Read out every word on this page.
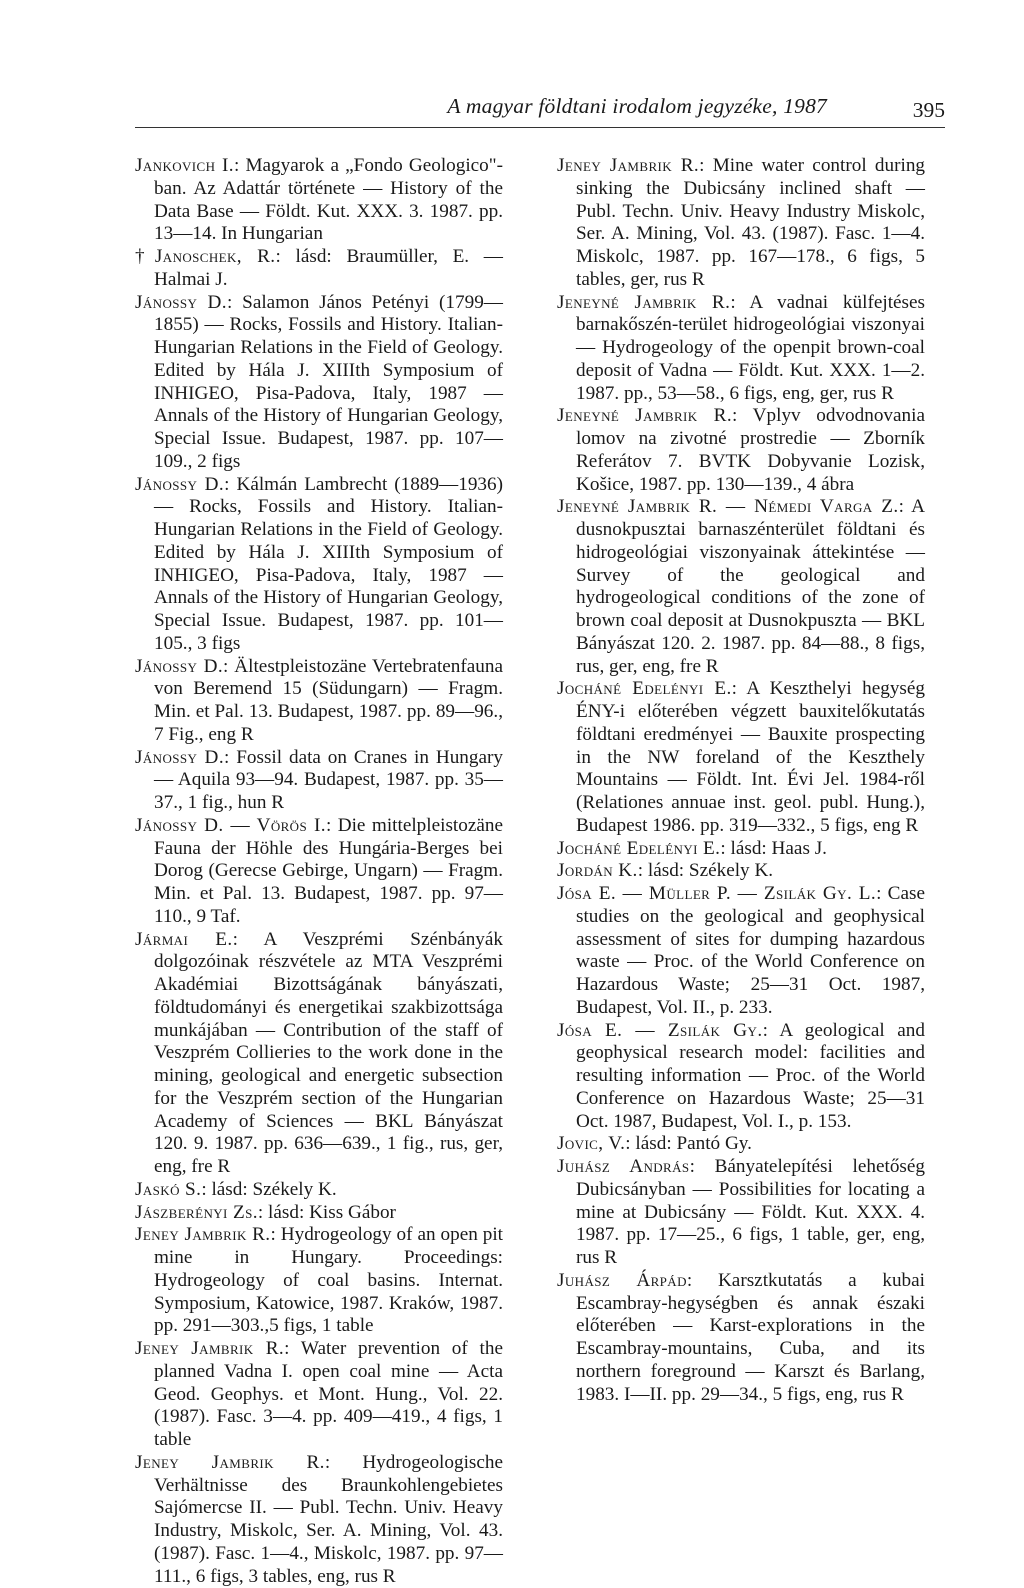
A magyar földtani irodalom jegyzéke, 1987	395

Jankovich I.: Magyarok a „Fondo Geologico"-ban. Az Adattár története — History of the Data Base — Földt. Kut. XXX. 3. 1987. pp. 13—14. In Hungarian

†Janoschek, R.: lásd: Braumüller, E. — Halmai J.

Jánossy D.: Salamon János Petényi (1799—1855) — Rocks, Fossils and History. Italian-Hungarian Relations in the Field of Geology. Edited by Hála J. XIIIth Symposium of INHIGEO, Pisa-Padova, Italy, 1987 — Annals of the History of Hungarian Geology, Special Issue. Budapest, 1987. pp. 107—109., 2 figs

Jánossy D.: Kálmán Lambrecht (1889—1936) — Rocks, Fossils and History. Italian-Hungarian Relations in the Field of Geology. Edited by Hála J. XIIIth Symposium of INHIGEO, Pisa-Padova, Italy, 1987 — Annals of the History of Hungarian Geology, Special Issue. Budapest, 1987. pp. 101—105., 3 figs

Jánossy D.: Ältestpleistozäne Vertebratenfauna von Beremend 15 (Südungarn) — Fragm. Min. et Pal. 13. Budapest, 1987. pp. 89—96., 7 Fig., eng R

Jánossy D.: Fossil data on Cranes in Hungary — Aquila 93—94. Budapest, 1987. pp. 35—37., 1 fig., hun R

Jánossy D. — Vörös I.: Die mittelpleistozäne Fauna der Höhle des Hungária-Berges bei Dorog (Gerecse Gebirge, Ungarn) — Fragm. Min. et Pal. 13. Budapest, 1987. pp. 97—110., 9 Taf.

Jármai E.: A Veszprémi Szénbányák dolgozóinak részvétele az MTA Veszprémi Akadémiai Bizottságának bányászati, földtudományi és energetikai szakbizottsága munkájában — Contribution of the staff of Veszprém Collieries to the work done in the mining, geological and energetic subsection for the Veszprém section of the Hungarian Academy of Sciences — BKL Bányászat 120. 9. 1987. pp. 636—639., 1 fig., rus, ger, eng, fre R

Jaskó S.: lásd: Székely K.

Jászberényi Zs.: lásd: Kiss Gábor

Jeney Jambrik R.: Hydrogeology of an open pit mine in Hungary. Proceedings: Hydrogeology of coal basins. Internat. Symposium, Katowice, 1987. Kraków, 1987. pp. 291—303.,5 figs, 1 table

Jeney Jambrik R.: Water prevention of the planned Vadna I. open coal mine — Acta Geod. Geophys. et Mont. Hung., Vol. 22. (1987). Fasc. 3—4. pp. 409—419., 4 figs, 1 table

Jeney Jambrik R.: Hydrogeologische Verhältnisse des Braunkohlengebietes Sajómercse II. — Publ. Techn. Univ. Heavy Industry, Miskolc, Ser. A. Mining, Vol. 43. (1987). Fasc. 1—4., Miskolc, 1987. pp. 97—111., 6 figs, 3 tables, eng, rus R

Jeney Jambrik R.: Mine water control during sinking the Dubicsány inclined shaft — Publ. Techn. Univ. Heavy Industry Miskolc, Ser. A. Mining, Vol. 43. (1987). Fasc. 1—4. Miskolc, 1987. pp. 167—178., 6 figs, 5 tables, ger, rus R

Jeneyné Jambrik R.: A vadnai külfejtéses barnakőszén-terület hidrogeológiai viszonyai — Hydrogeology of the openpit brown-coal deposit of Vadna — Földt. Kut. XXX. 1—2. 1987. pp., 53—58., 6 figs, eng, ger, rus R

Jeneyné Jambrik R.: Vplyv odvodnovania lomov na zivotné prostredie — Zborník Referátov 7. BVTK Dobyvanie Lozisk, Košice, 1987. pp. 130—139., 4 ábra

Jeneyné Jambrik R. — Némedi Varga Z.: A dusnokpusztai barnaszénterület földtani és hidrogeológiai viszonyainak áttekintése — Survey of the geological and hydrogeological conditions of the zone of brown coal deposit at Dusnokpuszta — BKL Bányászat 120. 2. 1987. pp. 84—88., 8 figs, rus, ger, eng, fre R

Jocháné Edelényi E.: A Keszthelyi hegység ÉNY-i előterében végzett bauxitelőkutatás földtani eredményei — Bauxite prospecting in the NW foreland of the Keszthely Mountains — Földt. Int. Évi Jel. 1984-ről (Relationes annuae inst. geol. publ. Hung.), Budapest 1986. pp. 319—332., 5 figs, eng R

Jocháné Edelényi E.: lásd: Haas J.

Jordán K.: lásd: Székely K.

Jósa E. — Müller P. — Zsilák Gy. L.: Case studies on the geological and geophysical assessment of sites for dumping hazardous waste — Proc. of the World Conference on Hazardous Waste; 25—31 Oct. 1987, Budapest, Vol. II., p. 233.

Jósa E. — Zsilák Gy.: A geological and geophysical research model: facilities and resulting information — Proc. of the World Conference on Hazardous Waste; 25—31 Oct. 1987, Budapest, Vol. I., p. 153.

Jovic, V.: lásd: Pantó Gy.

Juhász András: Bányatelepítési lehetőség Dubicsányban — Possibilities for locating a mine at Dubicsány — Földt. Kut. XXX. 4. 1987. pp. 17—25., 6 figs, 1 table, ger, eng, rus R

Juhász Árpád: Karsztkutatás a kubai Escambray-hegységben és annak északi előterében — Karst-explorations in the Escambray-mountains, Cuba, and its northern foreground — Karszt és Barlang, 1983. I—II. pp. 29—34., 5 figs, eng, rus R
